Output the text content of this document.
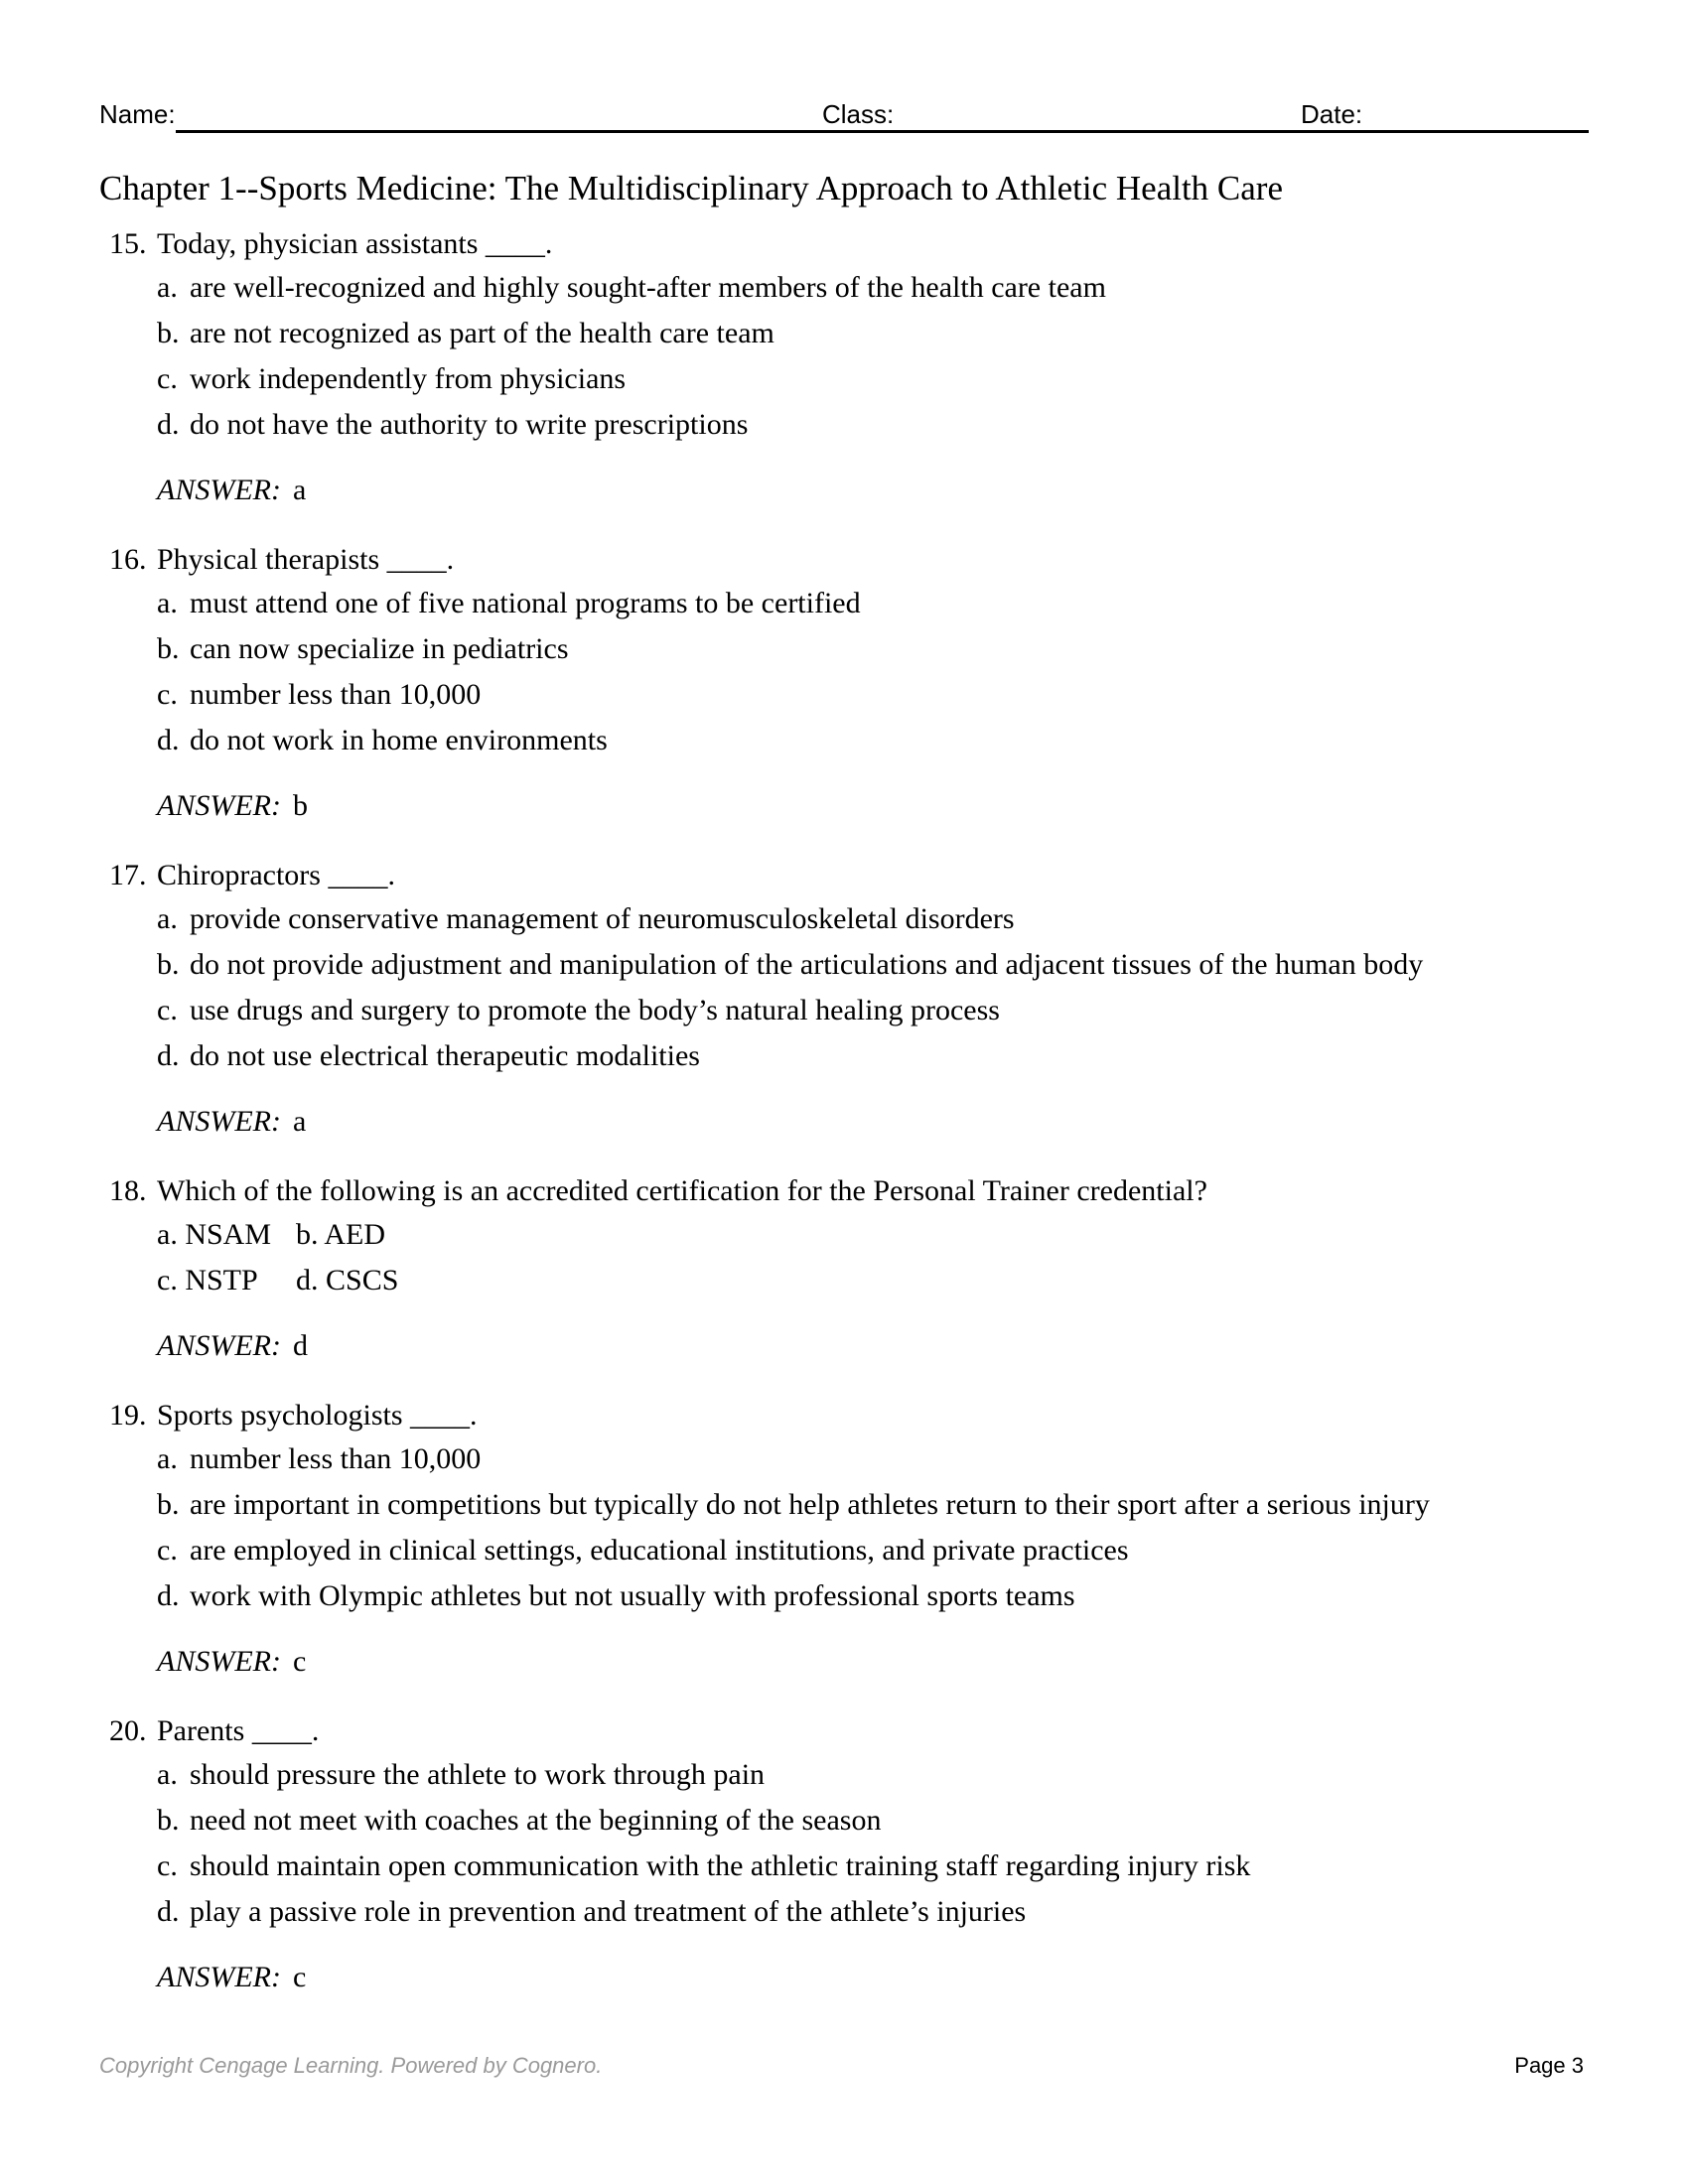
Name:	Class:	Date:
Chapter 1--Sports Medicine: The Multidisciplinary Approach to Athletic Health Care
15. Today, physician assistants ____.
a. are well-recognized and highly sought-after members of the health care team
b. are not recognized as part of the health care team
c. work independently from physicians
d. do not have the authority to write prescriptions
ANSWER: a
16. Physical therapists ____.
a. must attend one of five national programs to be certified
b. can now specialize in pediatrics
c. number less than 10,000
d. do not work in home environments
ANSWER: b
17. Chiropractors ____.
a. provide conservative management of neuromusculoskeletal disorders
b. do not provide adjustment and manipulation of the articulations and adjacent tissues of the human body
c. use drugs and surgery to promote the body’s natural healing process
d. do not use electrical therapeutic modalities
ANSWER: a
18. Which of the following is an accredited certification for the Personal Trainer credential?
a. NSAM b. AED
c. NSTP	d. CSCS
ANSWER: d
19. Sports psychologists ____.
a. number less than 10,000
b. are important in competitions but typically do not help athletes return to their sport after a serious injury
c. are employed in clinical settings, educational institutions, and private practices
d. work with Olympic athletes but not usually with professional sports teams
ANSWER: c
20. Parents ____.
a. should pressure the athlete to work through pain
b. need not meet with coaches at the beginning of the season
c. should maintain open communication with the athletic training staff regarding injury risk
d. play a passive role in prevention and treatment of the athlete’s injuries
ANSWER: c
Copyright Cengage Learning. Powered by Cognero.	Page 3
